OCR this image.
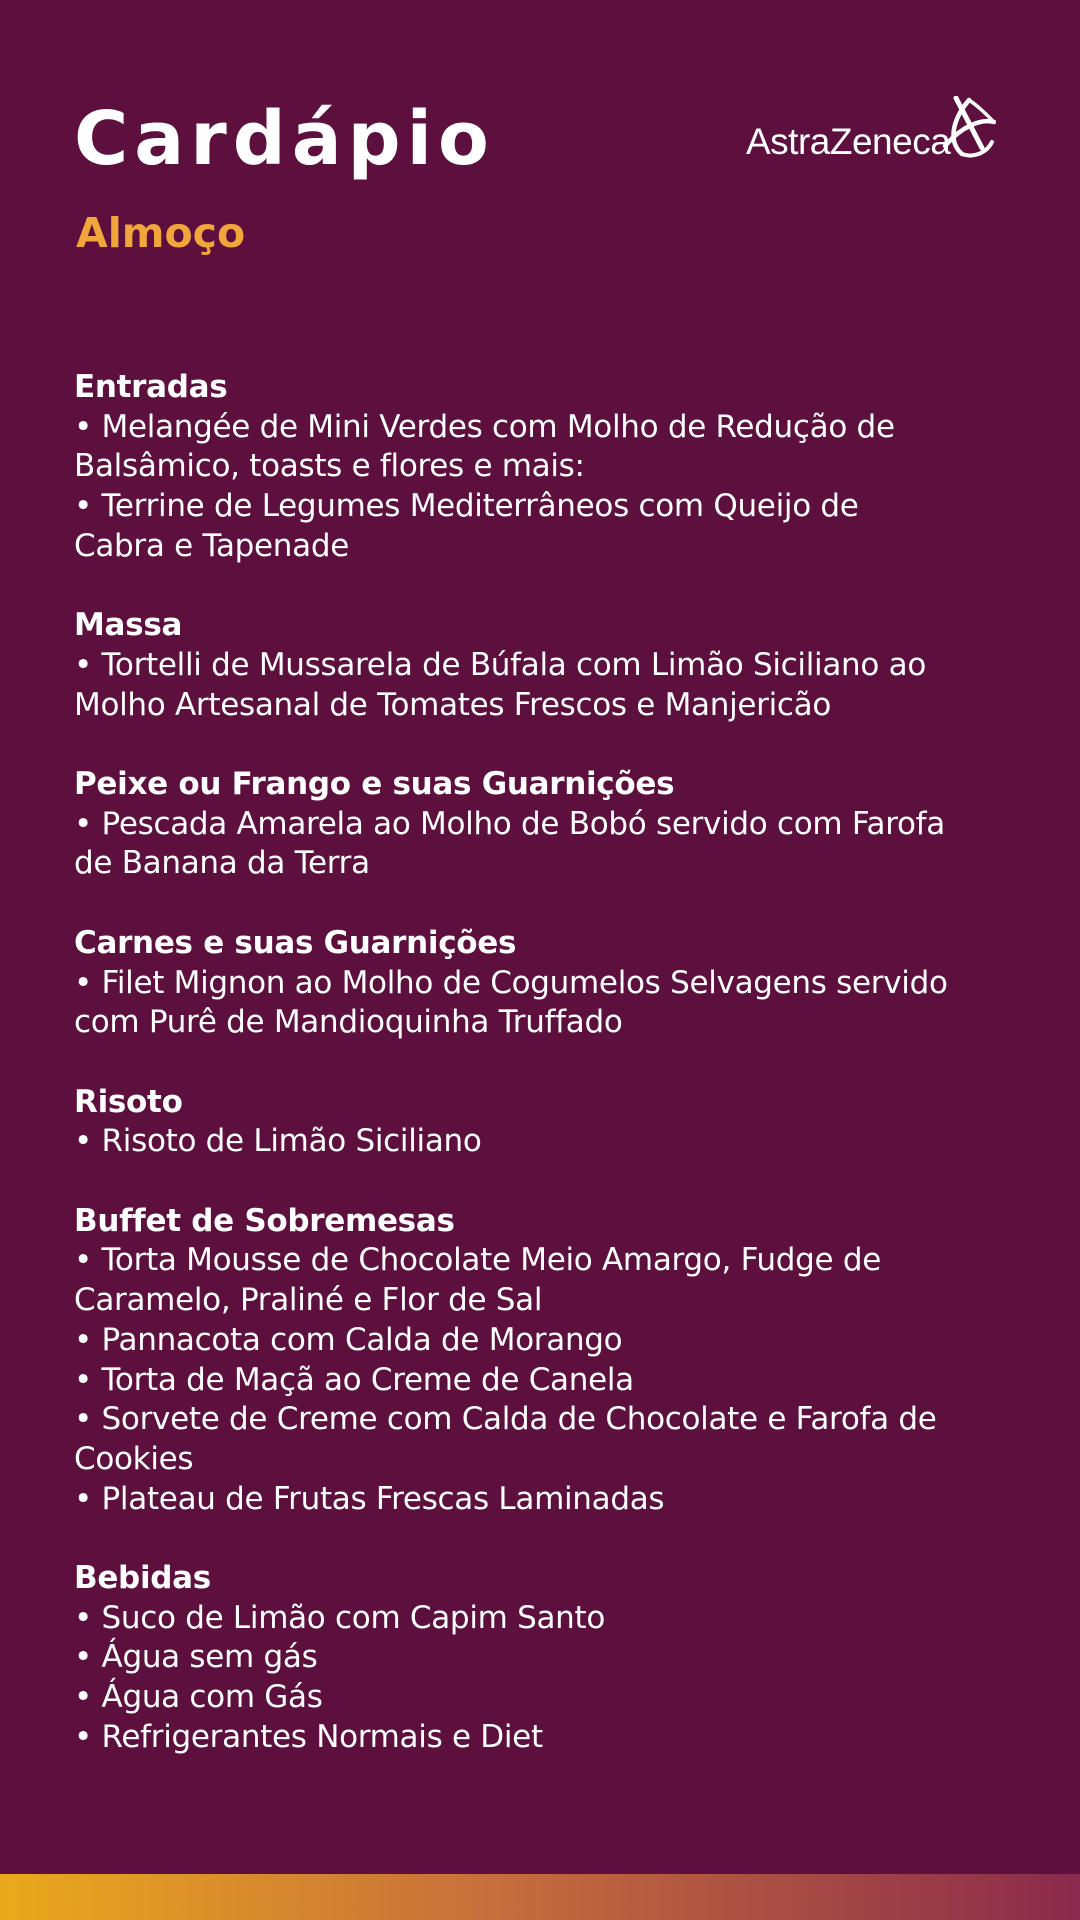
Cardápio
Almoço
AstraZeneca
Entradas
• Melangée de Mini Verdes com Molho de Redução de
Balsâmico, toasts e flores e mais:
• Terrine de Legumes Mediterrâneos com Queijo de
Cabra e Tapenade
Massa
• Tortelli de Mussarela de Búfala com Limão Siciliano ao
Molho Artesanal de Tomates Frescos e Manjericão
Peixe ou Frango e suas Guarnições
• Pescada Amarela ao Molho de Bobó servido com Farofa
de Banana da Terra
Carnes e suas Guarnições
• Filet Mignon ao Molho de Cogumelos Selvagens servido
com Purê de Mandioquinha Truffado
Risoto
• Risoto de Limão Siciliano
Buffet de Sobremesas
• Torta Mousse de Chocolate Meio Amargo, Fudge de
Caramelo, Praliné e Flor de Sal
• Pannacota com Calda de Morango
• Torta de Maçã ao Creme de Canela
• Sorvete de Creme com Calda de Chocolate e Farofa de
Cookies
• Plateau de Frutas Frescas Laminadas
Bebidas
• Suco de Limão com Capim Santo
• Água sem gás
• Água com Gás
• Refrigerantes Normais e Diet
